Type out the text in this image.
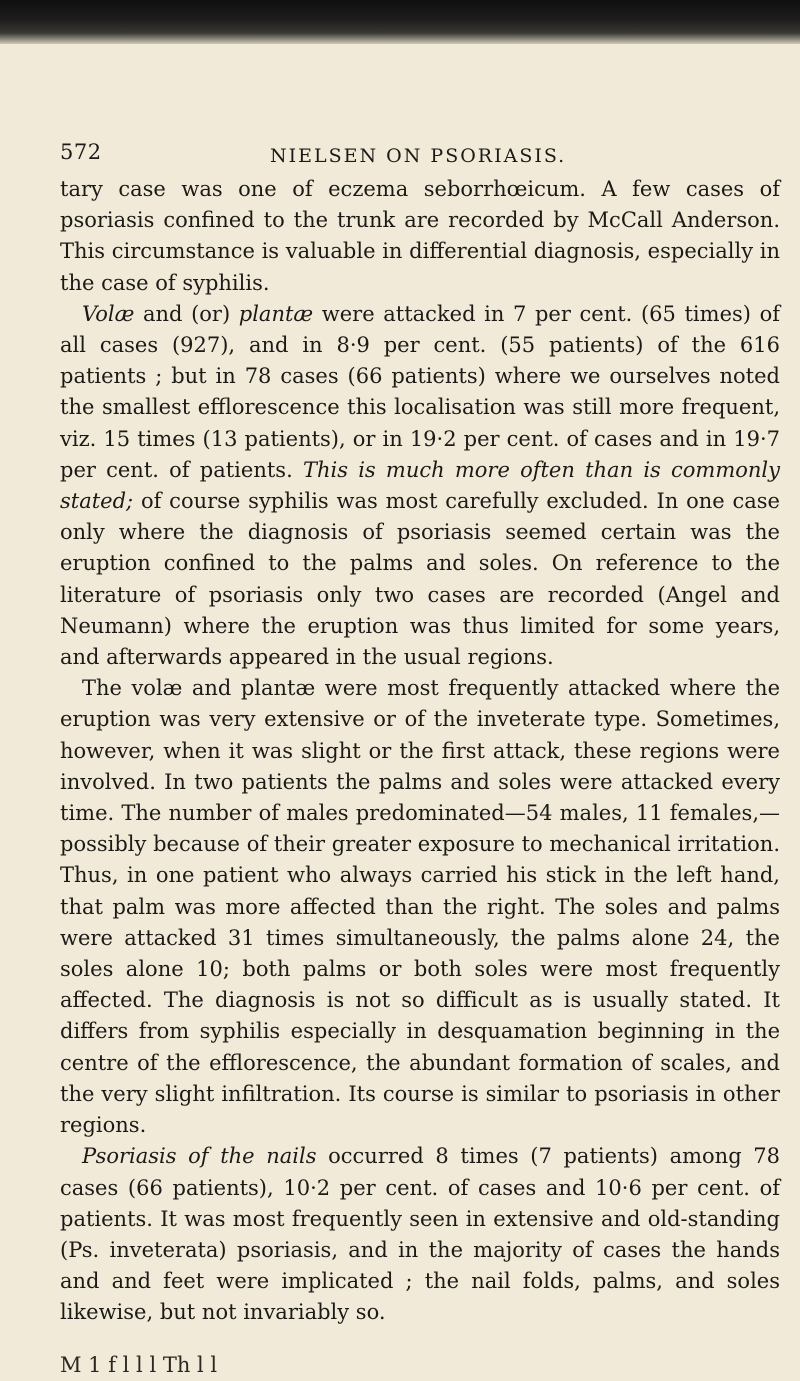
572	NIELSEN ON PSORIASIS.

tary case was one of eczema seborrhœicum. A few cases of psoriasis confined to the trunk are recorded by McCall Anderson. This circumstance is valuable in differential diagnosis, especially in the case of syphilis.

Volæ and (or) plantæ were attacked in 7 per cent. (65 times) of all cases (927), and in 8·9 per cent. (55 patients) of the 616 patients ; but in 78 cases (66 patients) where we ourselves noted the smallest efflorescence this localisation was still more frequent, viz. 15 times (13 patients), or in 19·2 per cent. of cases and in 19·7 per cent. of patients. This is much more often than is commonly stated; of course syphilis was most carefully excluded. In one case only where the diagnosis of psoriasis seemed certain was the eruption confined to the palms and soles. On reference to the literature of psoriasis only two cases are recorded (Angel and Neumann) where the eruption was thus limited for some years, and afterwards appeared in the usual regions.

The volæ and plantæ were most frequently attacked where the eruption was very extensive or of the inveterate type. Sometimes, however, when it was slight or the first attack, these regions were involved. In two patients the palms and soles were attacked every time. The number of males predominated—54 males, 11 females,—possibly because of their greater exposure to mechanical irritation. Thus, in one patient who always carried his stick in the left hand, that palm was more affected than the right. The soles and palms were attacked 31 times simultaneously, the palms alone 24, the soles alone 10; both palms or both soles were most frequently affected. The diagnosis is not so difficult as is usually stated. It differs from syphilis especially in desquamation beginning in the centre of the efflorescence, the abundant formation of scales, and the very slight infiltration. Its course is similar to psoriasis in other regions.

Psoriasis of the nails occurred 8 times (7 patients) among 78 cases (66 patients), 10·2 per cent. of cases and 10·6 per cent. of patients. It was most frequently seen in extensive and old-standing (Ps. inveterata) psoriasis, and in the majority of cases the hands and and feet were implicated ; the nail folds, palms, and soles likewise, but not invariably so.

M 1 f l l l Th l l
